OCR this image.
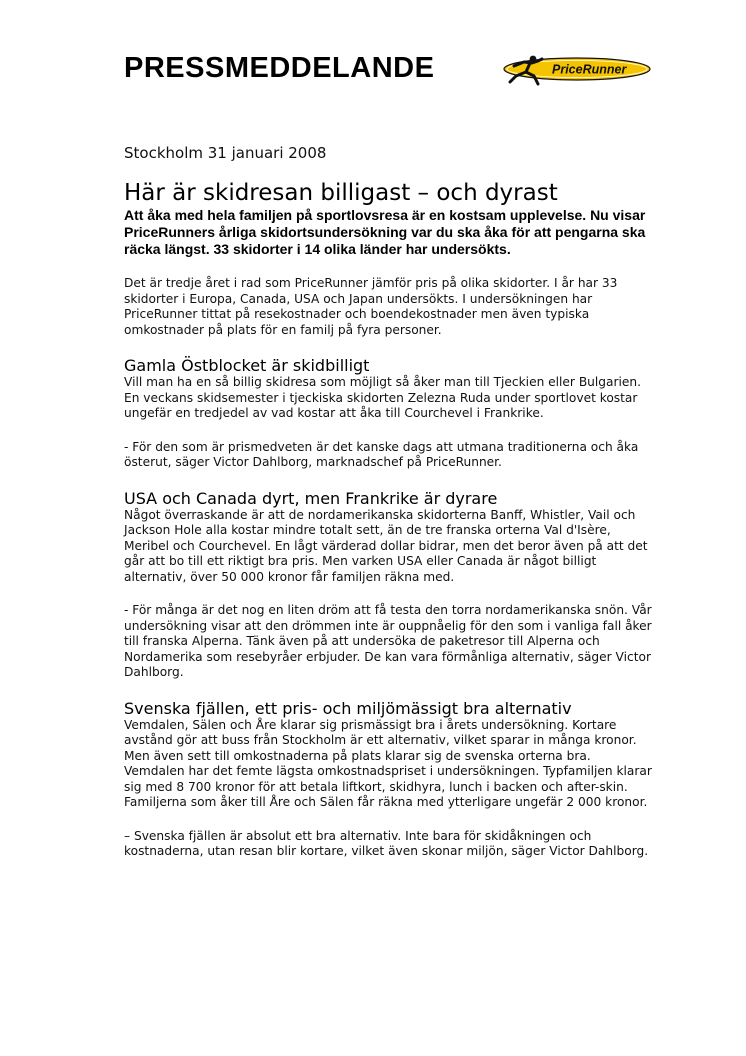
PRESSMEDDELANDE	PriceRunner
Stockholm 31 januari 2008
Här är skidresan billigast – och dyrast

Att åka med hela familjen på sportlovsresa är en kostsam upplevelse. Nu visar PriceRunners årliga skidortsundersökning var du ska åka för att pengarna ska räcka längst. 33 skidorter i 14 olika länder har undersökts.

Det är tredje året i rad som PriceRunner jämför pris på olika skidorter. I år har 33 skidorter i Europa, Canada, USA och Japan undersökts. I undersökningen har PriceRunner tittat på resekostnader och boendekostnader men även typiska omkostnader på plats för en familj på fyra personer.

Gamla Östblocket är skidbilligt

Vill man ha en så billig skidresa som möjligt så åker man till Tjeckien eller Bulgarien. En veckans skidsemester i tjeckiska skidorten Zelezna Ruda under sportlovet kostar ungefär en tredjedel av vad kostar att åka till Courchevel i Frankrike.

- För den som är prismedveten är det kanske dags att utmana traditionerna och åka österut, säger Victor Dahlborg, marknadschef på PriceRunner.

USA och Canada dyrt, men Frankrike är dyrare

Något överraskande är att de nordamerikanska skidorterna Banff, Whistler, Vail och Jackson Hole alla kostar mindre totalt sett, än de tre franska orterna Val d'Isère, Meribel och Courchevel. En lågt värderad dollar bidrar, men det beror även på att det går att bo till ett riktigt bra pris. Men varken USA eller Canada är något billigt alternativ, över 50 000 kronor får familjen räkna med.

- För många är det nog en liten dröm att få testa den torra nordamerikanska snön. Vår undersökning visar att den drömmen inte är ouppnåelig för den som i vanliga fall åker till franska Alperna. Tänk även på att undersöka de paketresor till Alperna och Nordamerika som resebyråer erbjuder. De kan vara förmånliga alternativ, säger Victor Dahlborg.

Svenska fjällen, ett pris- och miljömässigt bra alternativ

Vemdalen, Sälen och Åre klarar sig prismässigt bra i årets undersökning. Kortare avstånd gör att buss från Stockholm är ett alternativ, vilket sparar in många kronor. Men även sett till omkostnaderna på plats klarar sig de svenska orterna bra. Vemdalen har det femte lägsta omkostnadspriset i undersökningen. Typfamiljen klarar sig med 8 700 kronor för att betala liftkort, skidhyra, lunch i backen och after-skin. Familjerna som åker till Åre och Sälen får räkna med ytterligare ungefär 2 000 kronor.

– Svenska fjällen är absolut ett bra alternativ. Inte bara för skidåkningen och kostnaderna, utan resan blir kortare, vilket även skonar miljön, säger Victor Dahlborg.
